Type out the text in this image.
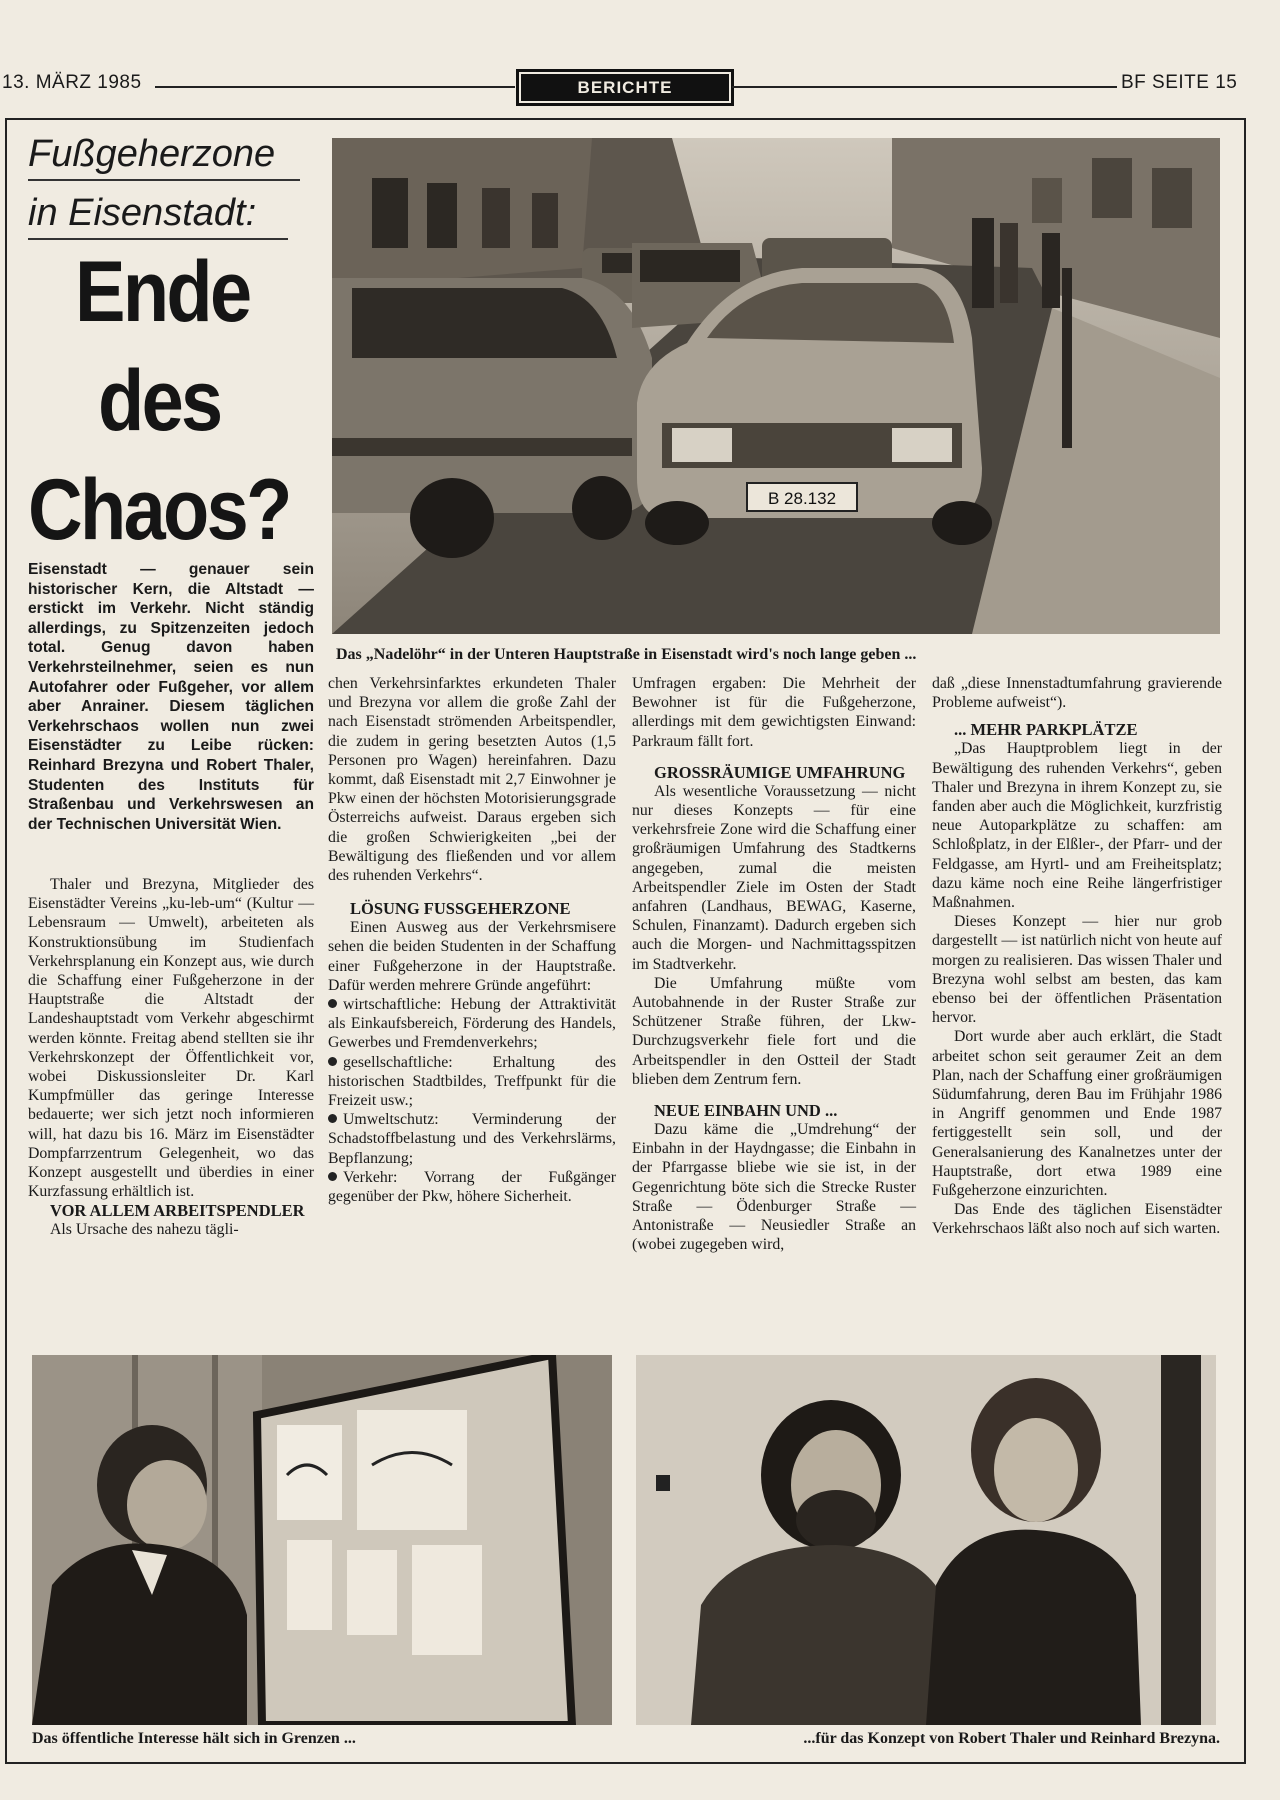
13. MÄRZ 1985	BERICHTE	BF SEITE 15
Fußgeherzone
in Eisenstadt:
Ende
des
Chaos?
Eisenstadt — genauer sein historischer Kern, die Altstadt — erstickt im Verkehr. Nicht ständig allerdings, zu Spitzenzeiten jedoch total. Genug davon haben Verkehrsteilnehmer, seien es nun Autofahrer oder Fußgeher, vor allem aber Anrainer. Diesem täglichen Verkehrschaos wollen nun zwei Eisenstädter zu Leibe rücken: Reinhard Brezyna und Robert Thaler, Studenten des Instituts für Straßenbau und Verkehrswesen an der Technischen Universität Wien.
B 28.132
Das „Nadelöhr“ in der Unteren Hauptstraße in Eisenstadt wird's noch lange geben ...

Thaler und Brezyna, Mitglieder des Eisenstädter Vereins „ku-leb-um“ (Kultur — Lebensraum — Umwelt), arbeiteten als Konstruktionsübung im Studienfach Verkehrsplanung ein Konzept aus, wie durch die Schaffung einer Fußgeherzone in der Hauptstraße die Altstadt der Landeshauptstadt vom Verkehr abgeschirmt werden könnte. Freitag abend stellten sie ihr Verkehrskonzept der Öffentlichkeit vor, wobei Diskussionsleiter Dr. Karl Kumpfmüller das geringe Interesse bedauerte; wer sich jetzt noch informieren will, hat dazu bis 16. März im Eisenstädter Dompfarrzentrum Gelegenheit, wo das Konzept ausgestellt und überdies in einer Kurzfassung erhältlich ist.

VOR ALLEM ARBEITSPENDLER

Als Ursache des nahezu tägli-

chen Verkehrsinfarktes erkundeten Thaler und Brezyna vor allem die große Zahl der nach Eisenstadt strömenden Arbeitspendler, die zudem in gering besetzten Autos (1,5 Personen pro Wagen) hereinfahren. Dazu kommt, daß Eisenstadt mit 2,7 Einwohner je Pkw einen der höchsten Motorisierungsgrade Österreichs aufweist. Daraus ergeben sich die großen Schwierigkeiten „bei der Bewältigung des fließenden und vor allem des ruhenden Verkehrs“.

LÖSUNG FUSSGEHERZONE

Einen Ausweg aus der Verkehrsmisere sehen die beiden Studenten in der Schaffung einer Fußgeherzone in der Hauptstraße. Dafür werden mehrere Gründe angeführt:

wirtschaftliche: Hebung der Attraktivität als Einkaufsbereich, Förderung des Handels, Gewerbes und Fremdenverkehrs;

gesellschaftliche: Erhaltung des historischen Stadtbildes, Treffpunkt für die Freizeit usw.;

Umweltschutz: Verminderung der Schadstoffbelastung und des Verkehrslärms, Bepflanzung;

Verkehr: Vorrang der Fußgänger gegenüber der Pkw, höhere Sicherheit.

Umfragen ergaben: Die Mehrheit der Bewohner ist für die Fußgeherzone, allerdings mit dem gewichtigsten Einwand: Parkraum fällt fort.

GROSSRÄUMIGE UMFAHRUNG

Als wesentliche Voraussetzung — nicht nur dieses Konzepts — für eine verkehrsfreie Zone wird die Schaffung einer großräumigen Umfahrung des Stadtkerns angegeben, zumal die meisten Arbeitspendler Ziele im Osten der Stadt anfahren (Landhaus, BEWAG, Kaserne, Schulen, Finanzamt). Dadurch ergeben sich auch die Morgen- und Nachmittagsspitzen im Stadtverkehr.

Die Umfahrung müßte vom Autobahnende in der Ruster Straße zur Schützener Straße führen, der Lkw-Durchzugsverkehr fiele fort und die Arbeitspendler in den Ostteil der Stadt blieben dem Zentrum fern.

NEUE EINBAHN UND ...

Dazu käme die „Umdrehung“ der Einbahn in der Haydngasse; die Einbahn in der Pfarrgasse bliebe wie sie ist, in der Gegenrichtung böte sich die Strecke Ruster Straße — Ödenburger Straße — Antonistraße — Neusiedler Straße an (wobei zugegeben wird,

daß „diese Innenstadtumfahrung gravierende Probleme aufweist“).

... MEHR PARKPLÄTZE

„Das Hauptproblem liegt in der Bewältigung des ruhenden Verkehrs“, geben Thaler und Brezyna in ihrem Konzept zu, sie fanden aber auch die Möglichkeit, kurzfristig neue Autoparkplätze zu schaffen: am Schloßplatz, in der Elßler-, der Pfarr- und der Feldgasse, am Hyrtl- und am Freiheitsplatz; dazu käme noch eine Reihe längerfristiger Maßnahmen.

Dieses Konzept — hier nur grob dargestellt — ist natürlich nicht von heute auf morgen zu realisieren. Das wissen Thaler und Brezyna wohl selbst am besten, das kam ebenso bei der öffentlichen Präsentation hervor.

Dort wurde aber auch erklärt, die Stadt arbeitet schon seit geraumer Zeit an dem Plan, nach der Schaffung einer großräumigen Südumfahrung, deren Bau im Frühjahr 1986 in Angriff genommen und Ende 1987 fertiggestellt sein soll, und der Generalsanierung des Kanalnetzes unter der Hauptstraße, dort etwa 1989 eine Fußgeherzone einzurichten.

Das Ende des täglichen Eisenstädter Verkehrschaos läßt also noch auf sich warten.

Das öffentliche Interesse hält sich in Grenzen ...	...für das Konzept von Robert Thaler und Reinhard Brezyna.
